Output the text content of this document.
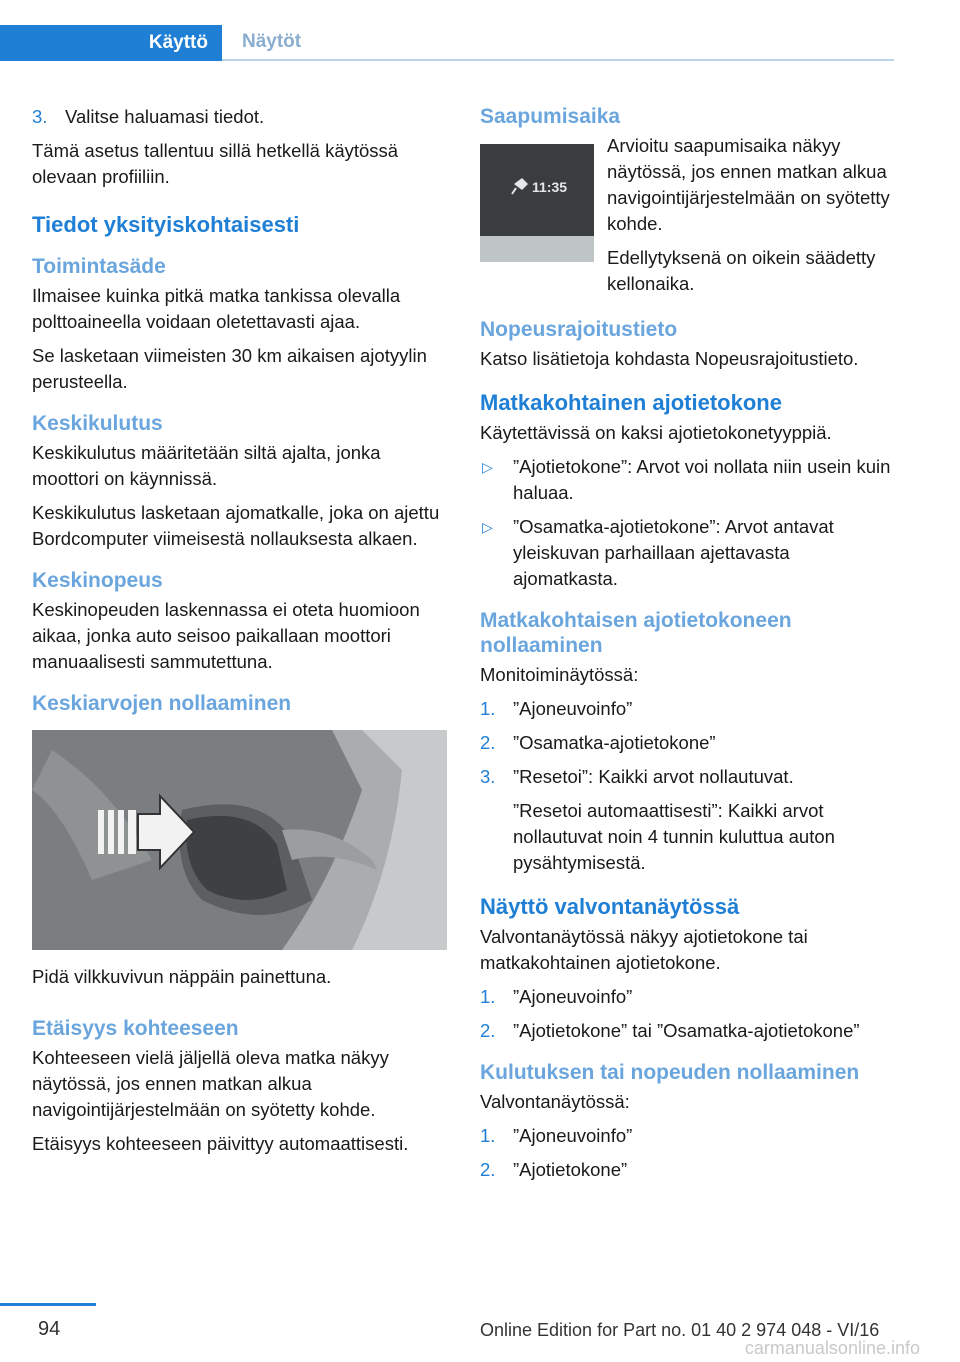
Käyttö	Näytöt
3. Valitse haluamasi tiedot.

Tämä asetus tallentuu sillä hetkellä käytössä olevaan profiiliin.

Tiedot yksityiskohtaisesti
Toimintasäde

Ilmaisee kuinka pitkä matka tankissa olevalla polttoaineella voidaan oletettavasti ajaa.

Se lasketaan viimeisten 30 km aikaisen ajotyylin perusteella.

Keskikulutus

Keskikulutus määritetään siltä ajalta, jonka moottori on käynnissä.

Keskikulutus lasketaan ajomatkalle, joka on ajettu Bordcomputer viimeisestä nollauksesta alkaen.

Keskinopeus

Keskinopeuden laskennassa ei oteta huomioon aikaa, jonka auto seisoo paikallaan moottori manuaalisesti sammutettuna.

Keskiarvojen nollaaminen

Pidä vilkkuvivun näppäin painettuna.

Etäisyys kohteeseen

Kohteeseen vielä jäljellä oleva matka näkyy näytössä, jos ennen matkan alkua navigointijärjestelmään on syötetty kohde.

Etäisyys kohteeseen päivittyy automaattisesti.

Saapumisaika
11:35

Arvioitu saapumisaika näkyy näytössä, jos ennen matkan alkua navigointijärjestelmään on syötetty kohde.

Edellytyksenä on oikein säädetty kellonaika.

Nopeusrajoitustieto

Katso lisätietoja kohdasta Nopeusrajoitustieto.

Matkakohtainen ajotietokone

Käytettävissä on kaksi ajotietokonetyyppiä.

▷ ”Ajotietokone”: Arvot voi nollata niin usein kuin haluaa.
▷ ”Osamatka-ajotietokone”: Arvot antavat yleiskuvan parhaillaan ajettavasta ajomatkasta.
Matkakohtaisen ajotietokoneen nollaaminen

Monitoiminäytössä:

1. ”Ajoneuvoinfo”
2. ”Osamatka-ajotietokone”
3. ”Resetoi”: Kaikki arvot nollautuvat.

”Resetoi automaattisesti”: Kaikki arvot nollautuvat noin 4 tunnin kuluttua auton pysähtymisestä.

Näyttö valvontanäytössä

Valvontanäytössä näkyy ajotietokone tai matkakohtainen ajotietokone.

1. ”Ajoneuvoinfo”
2. ”Ajotietokone” tai ”Osamatka-ajotietokone”
Kulutuksen tai nopeuden nollaaminen

Valvontanäytössä:

1. ”Ajoneuvoinfo”
2. ”Ajotietokone”
94	Online Edition for Part no. 01 40 2 974 048 - VI/16
carmanualsonline.info
